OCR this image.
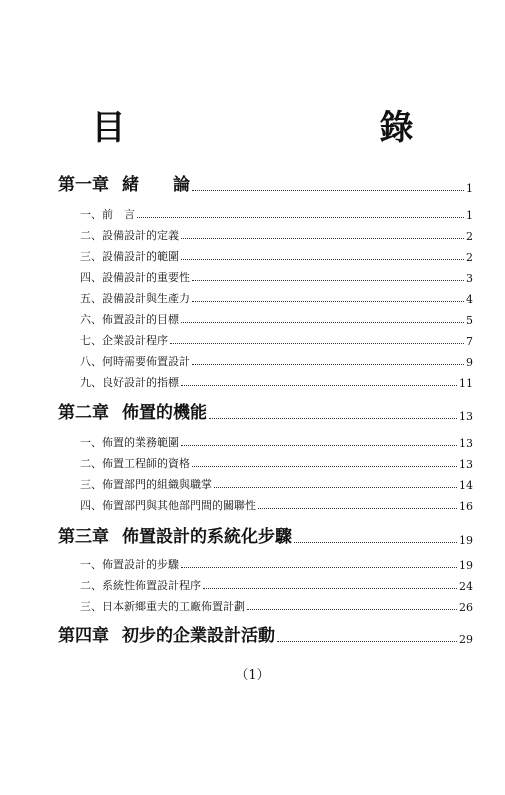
目　　錄
第一章 緒　　論	1
一、前　言	1
二、設備設計的定義	2
三、設備設計的範圍	2
四、設備設計的重要性	3
五、設備設計與生產力	4
六、佈置設計的目標	5
七、企業設計程序	7
八、何時需要佈置設計	9
九、良好設計的指標	11
第二章 佈置的機能	13
一、佈置的業務範圍	13
二、佈置工程師的資格	13
三、佈置部門的組織與職掌	14
四、佈置部門與其他部門間的關聯性	16
第三章 佈置設計的系統化步驟	19
一、佈置設計的步驟	19
二、系統性佈置設計程序	24
三、日本新鄉重夫的工廠佈置計劃	26
第四章 初步的企業設計活動	29
（1）
